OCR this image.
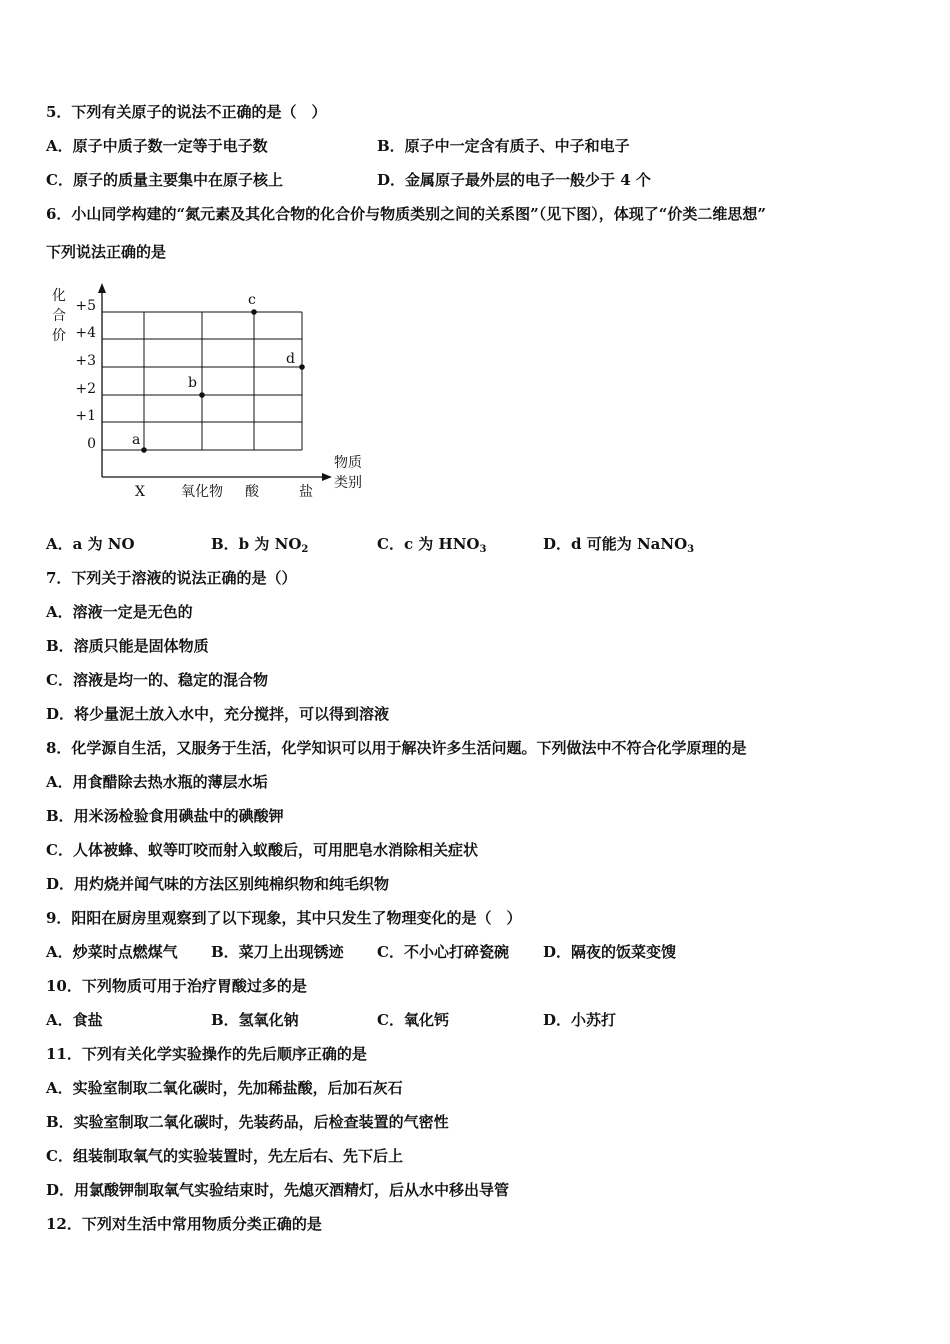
5．下列有关原子的说法不正确的是（　）
A．原子中质子数一定等于电子数	B．原子中一定含有质子、中子和电子
C．原子的质量主要集中在原子核上	D．金属原子最外层的电子一般少于 4 个
6．小山同学构建的“氮元素及其化合物的化合价与物质类别之间的关系图”（见下图），体现了“价类二维思想”
下列说法正确的是
化
合
价
物质
类别
+5
+4
+3
+2
+1
0
X	氧化物 酸	盐
a
b
c
d
A．a 为 NO	B．b 为 $NO_2$	C．c 为 $HNO_3$	D．d 可能为 NaNO$_3$
7．下列关于溶液的说法正确的是（）
A．溶液一定是无色的
B．溶质只能是固体物质
C．溶液是均一的、稳定的混合物
D．将少量泥土放入水中，充分搅拌，可以得到溶液
8．化学源自生活，又服务于生活，化学知识可以用于解决许多生活问题。下列做法中不符合化学原理的是
A．用食醋除去热水瓶的薄层水垢
B．用米汤检验食用碘盐中的碘酸钾
C．人体被蜂、蚁等叮咬而射入蚁酸后，可用肥皂水消除相关症状
D．用灼烧并闻气味的方法区别纯棉织物和纯毛织物
9．阳阳在厨房里观察到了以下现象，其中只发生了物理变化的是（　）
A．炒菜时点燃煤气 B．菜刀上出现锈迹 C．不小心打碎瓷碗 D．隔夜的饭菜变馊
10．下列物质可用于治疗胃酸过多的是
A．食盐	B．氢氧化钠	C．氧化钙	D．小苏打
11．下列有关化学实验操作的先后顺序正确的是
A．实验室制取二氧化碳时，先加稀盐酸，后加石灰石
B．实验室制取二氧化碳时，先装药品，后检查装置的气密性
C．组装制取氧气的实验装置时，先左后右、先下后上
D．用氯酸钾制取氧气实验结束时，先熄灭酒精灯，后从水中移出导管
12．下列对生活中常用物质分类正确的是
